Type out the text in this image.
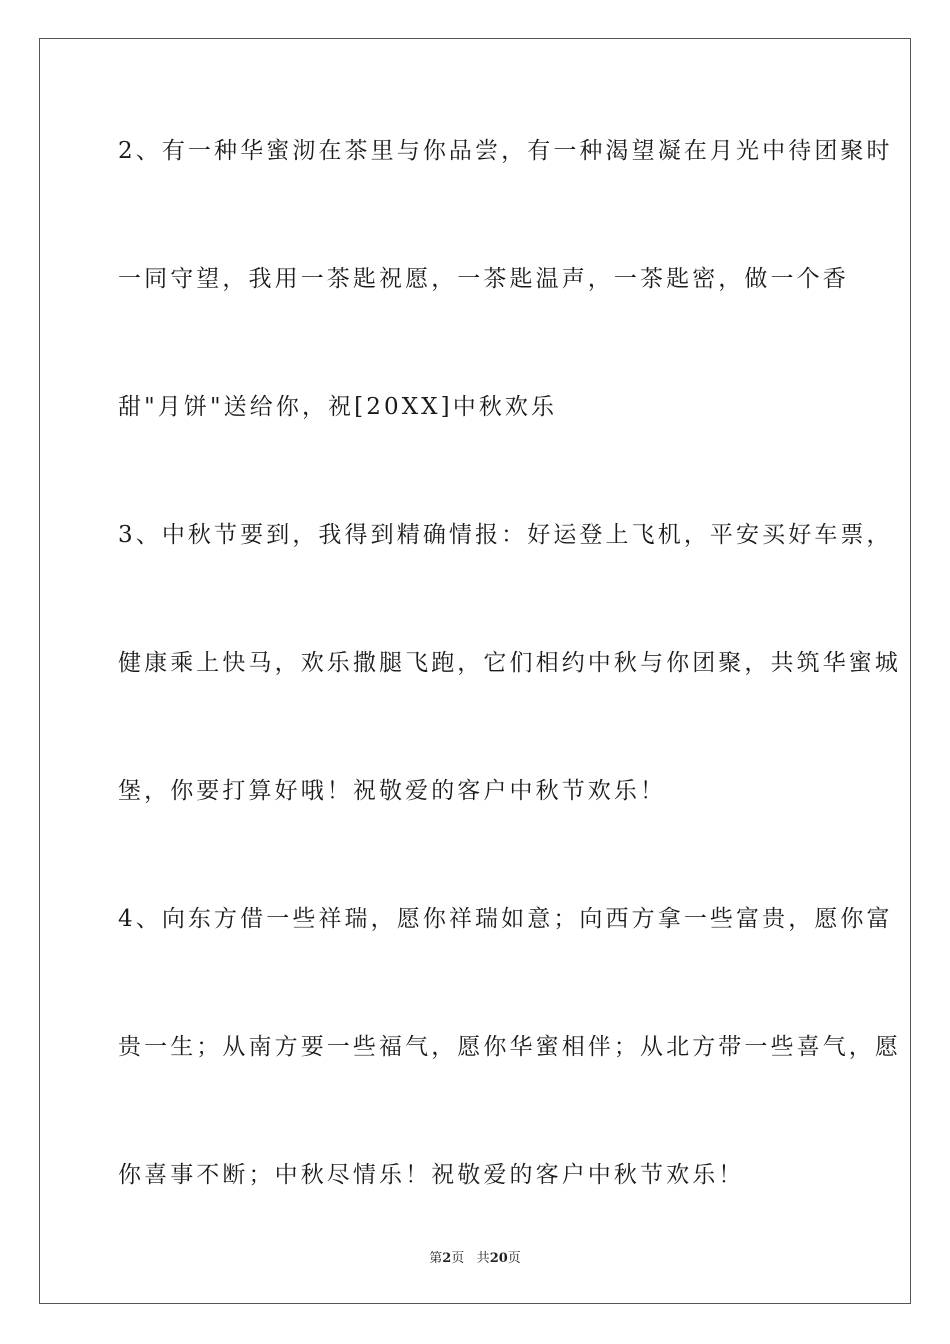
2、有一种华蜜沏在茶里与你品尝，有一种渴望凝在月光中待团聚时
一同守望，我用一茶匙祝愿，一茶匙温声，一茶匙密，做一个香
甜"月饼"送给你，祝[20XX]中秋欢乐
3、中秋节要到，我得到精确情报：好运登上飞机，平安买好车票，
健康乘上快马，欢乐撒腿飞跑，它们相约中秋与你团聚，共筑华蜜城
堡，你要打算好哦！祝敬爱的客户中秋节欢乐！
4、向东方借一些祥瑞，愿你祥瑞如意；向西方拿一些富贵，愿你富
贵一生；从南方要一些福气，愿你华蜜相伴；从北方带一些喜气，愿
你喜事不断；中秋尽情乐！祝敬爱的客户中秋节欢乐！
第2页 共20页
